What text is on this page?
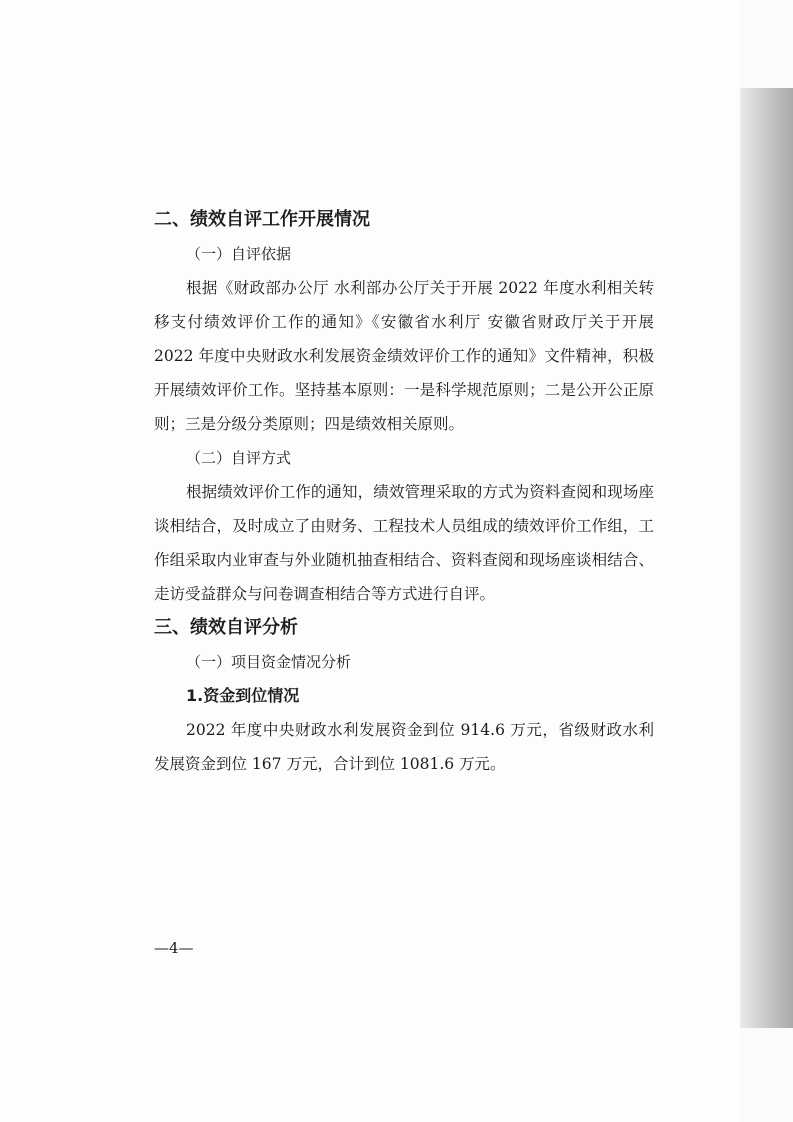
二、绩效自评工作开展情况
（一）自评依据

根据《财政部办公厅 水利部办公厅关于开展 2022 年度水利相关转移支付绩效评价工作的通知》《安徽省水利厅 安徽省财政厅关于开展 2022 年度中央财政水利发展资金绩效评价工作的通知》文件精神，积极开展绩效评价工作。坚持基本原则：一是科学规范原则；二是公开公正原则；三是分级分类原则；四是绩效相关原则。

（二）自评方式

根据绩效评价工作的通知，绩效管理采取的方式为资料查阅和现场座谈相结合，及时成立了由财务、工程技术人员组成的绩效评价工作组，工作组采取内业审查与外业随机抽查相结合、资料查阅和现场座谈相结合、走访受益群众与问卷调查相结合等方式进行自评。

三、绩效自评分析
（一）项目资金情况分析
1.资金到位情况

2022 年度中央财政水利发展资金到位 914.6 万元，省级财政水利发展资金到位 167 万元，合计到位 1081.6 万元。

—4—
